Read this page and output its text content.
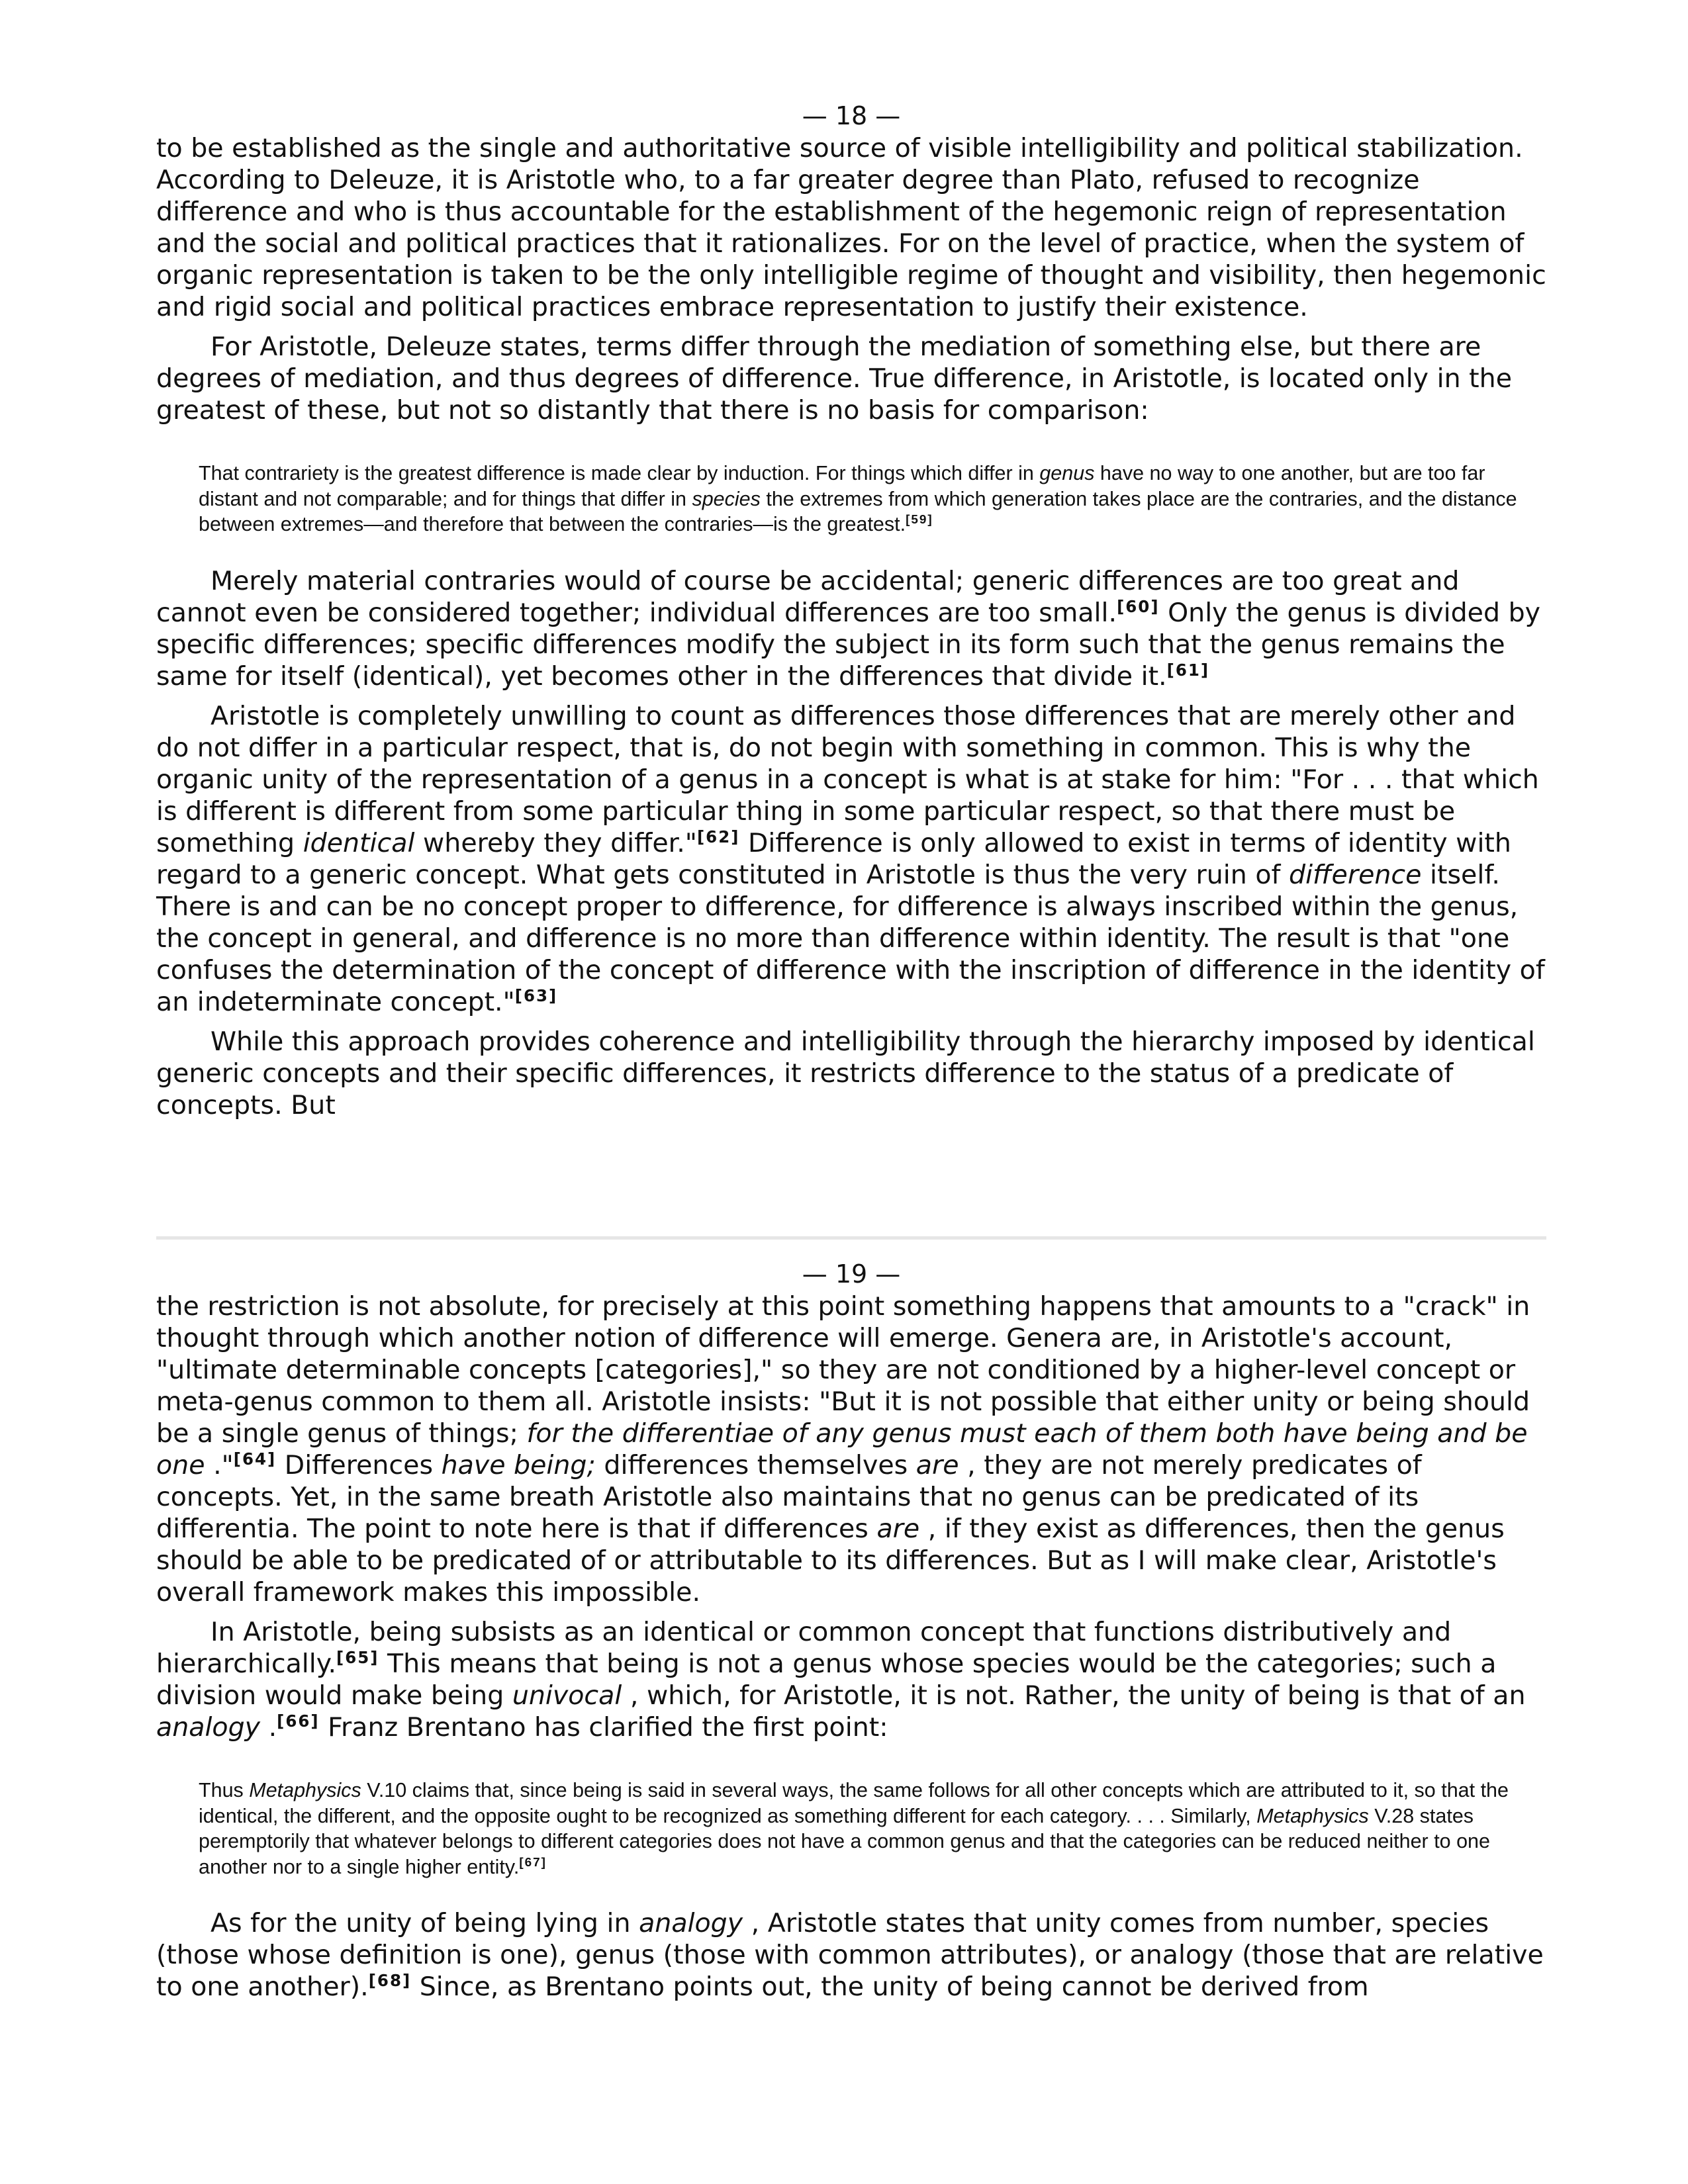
— 18 —

to be established as the single and authoritative source of visible intelligibility and political stabilization. According to Deleuze, it is Aristotle who, to a far greater degree than Plato, refused to recognize difference and who is thus accountable for the establishment of the hegemonic reign of representation and the social and political practices that it rationalizes. For on the level of practice, when the system of organic representation is taken to be the only intelligible regime of thought and visibility, then hegemonic and rigid social and political practices embrace representation to justify their existence.

For Aristotle, Deleuze states, terms differ through the mediation of something else, but there are degrees of mediation, and thus degrees of difference. True difference, in Aristotle, is located only in the greatest of these, but not so distantly that there is no basis for comparison:

That contrariety is the greatest difference is made clear by induction. For things which differ in genus have no way to one another, but are too far distant and not comparable; and for things that differ in species the extremes from which generation takes place are the contraries, and the distance between extremes—and therefore that between the contraries—is the greatest.[59]

Merely material contraries would of course be accidental; generic differences are too great and cannot even be considered together; individual differences are too small.[60] Only the genus is divided by specific differences; specific differences modify the subject in its form such that the genus remains the same for itself (identical), yet becomes other in the differences that divide it.[61]

Aristotle is completely unwilling to count as differences those differences that are merely other and do not differ in a particular respect, that is, do not begin with something in common. This is why the organic unity of the representation of a genus in a concept is what is at stake for him: "For . . . that which is different is different from some particular thing in some particular respect, so that there must be something identical whereby they differ."[62] Difference is only allowed to exist in terms of identity with regard to a generic concept. What gets constituted in Aristotle is thus the very ruin of difference itself. There is and can be no concept proper to difference, for difference is always inscribed within the genus, the concept in general, and difference is no more than difference within identity. The result is that "one confuses the determination of the concept of difference with the inscription of difference in the identity of an indeterminate concept."[63]

While this approach provides coherence and intelligibility through the hierarchy imposed by identical generic concepts and their specific differences, it restricts difference to the status of a predicate of concepts. But

— 19 —

the restriction is not absolute, for precisely at this point something happens that amounts to a "crack" in thought through which another notion of difference will emerge. Genera are, in Aristotle's account, "ultimate determinable concepts [categories]," so they are not conditioned by a higher-level concept or meta-genus common to them all. Aristotle insists: "But it is not possible that either unity or being should be a single genus of things; for the differentiae of any genus must each of them both have being and be one ."[64] Differences have being; differences themselves are , they are not merely predicates of concepts. Yet, in the same breath Aristotle also maintains that no genus can be predicated of its differentia. The point to note here is that if differences are , if they exist as differences, then the genus should be able to be predicated of or attributable to its differences. But as I will make clear, Aristotle's overall framework makes this impossible.

In Aristotle, being subsists as an identical or common concept that functions distributively and hierarchically.[65] This means that being is not a genus whose species would be the categories; such a division would make being univocal , which, for Aristotle, it is not. Rather, the unity of being is that of an analogy .[66] Franz Brentano has clarified the first point:

Thus Metaphysics V.10 claims that, since being is said in several ways, the same follows for all other concepts which are attributed to it, so that the identical, the different, and the opposite ought to be recognized as something different for each category. . . . Similarly, Metaphysics V.28 states peremptorily that whatever belongs to different categories does not have a common genus and that the categories can be reduced neither to one another nor to a single higher entity.[67]

As for the unity of being lying in analogy , Aristotle states that unity comes from number, species (those whose definition is one), genus (those with common attributes), or analogy (those that are relative to one another).[68] Since, as Brentano points out, the unity of being cannot be derived from
